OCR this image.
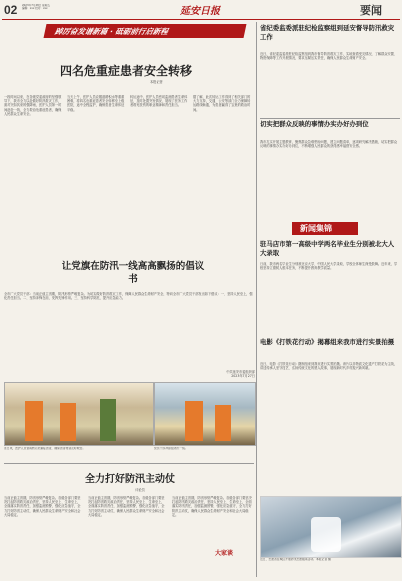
02 2023年7月28日 星期五
编辑：xxx 校对：xxx	延安日报	要闻
踔厉奋发谱新篇 · 砥砺前行启新程
四名危重症患者安全转移
本报记者
一段时间以来，在各级党委政府的坚强领导下，我市全力以赴做好防汛救灾工作，面对突如其来的强降雨，医护人员第一时间赶赴一线，全力救治危重症患者，确保人民群众生命安全。
当天上午，医护人员克服道路积水等重重困难，将四名危重症患者安全转移至上级医院，途中全程监护，确保患者生命体征平稳。
转运途中，医护人员密切监测患者生命体征，及时处置突发情况，展现了医务工作者救死扶伤的职业精神和责任担当。
据了解，此次转运工作得到了相关部门的大力支持，交通、公安等部门全力保障转运路线畅通，为患者赢得了宝贵的救治时间。
省纪委监委派驻纪检监察组到延安督导防汛救灾工作
近日，省纪委监委派驻纪检监察组到我市督导防汛救灾工作，实地查看受灾情况，了解群众安置、物资保障等工作开展情况，要求压紧压实责任，确保人民群众生命财产安全。
切实把群众反映的事情办实办好办到位
我市扎实开展主题教育，聚焦群众急难愁盼问题，建立问题清单，逐项研究解决措施，切实把群众反映的事情办实办好办到位，不断增强人民群众的获得感幸福感安全感。
新闻集锦
驻马店市第一高级中学两名毕业生分别被北大人大录取
日前，我市两名毕业生分别被北京大学、中国人民大学录取，学校全体师生深受鼓舞。近年来，学校坚持立德树人根本任务，不断提升教育教学质量。
电影《打铁花行动》揭幕组来我市进行实景拍摄
近日，电影《打铁花行动》摄制组来到我市进行实景拍摄。该片以非物质文化遗产打铁花为主线，讲述传承人坚守技艺、弘扬传统文化的感人故事，展现新时代乡村振兴新风貌。
近日，志愿者在城区开展防汛志愿服务活动。本报记者 摄
让党旗在防汛一线高高飘扬的倡议书
全市广大党员干部：当前正值主汛期，防汛形势严峻复杂。为切实做好防汛救灾工作，保障人民群众生命财产安全，特向全市广大党员干部发出如下倡议：一、坚持人民至上，强化责任担当。二、坚持冲锋在前，发挥先锋作用。三、坚持科学防范，提升应急能力。
中共延安市委组织部
2023年7月27日
连日来，医护人员冒雨转运危重症患者，确保患者得到及时救治。	党员干部冲锋在防汛一线。
全力打好防汛主动仗
评论员
当前正值主汛期，防汛形势严峻复杂。各级各部门要坚决扛起防汛救灾政治责任，坚持人民至上、生命至上，全面落实防汛责任，加强监测预警，强化应急值守，全力打好防汛主动仗，确保人民群众生命财产安全和社会大局稳定。
当前正值主汛期，防汛形势严峻复杂。各级各部门要坚决扛起防汛救灾政治责任，坚持人民至上、生命至上，全面落实防汛责任，加强监测预警，强化应急值守，全力打好防汛主动仗，确保人民群众生命财产安全和社会大局稳定。
当前正值主汛期，防汛形势严峻复杂。各级各部门要坚决扛起防汛救灾政治责任，坚持人民至上、生命至上，全面落实防汛责任，加强监测预警，强化应急值守，全力打好防汛主动仗，确保人民群众生命财产安全和社会大局稳定。
大家谈
